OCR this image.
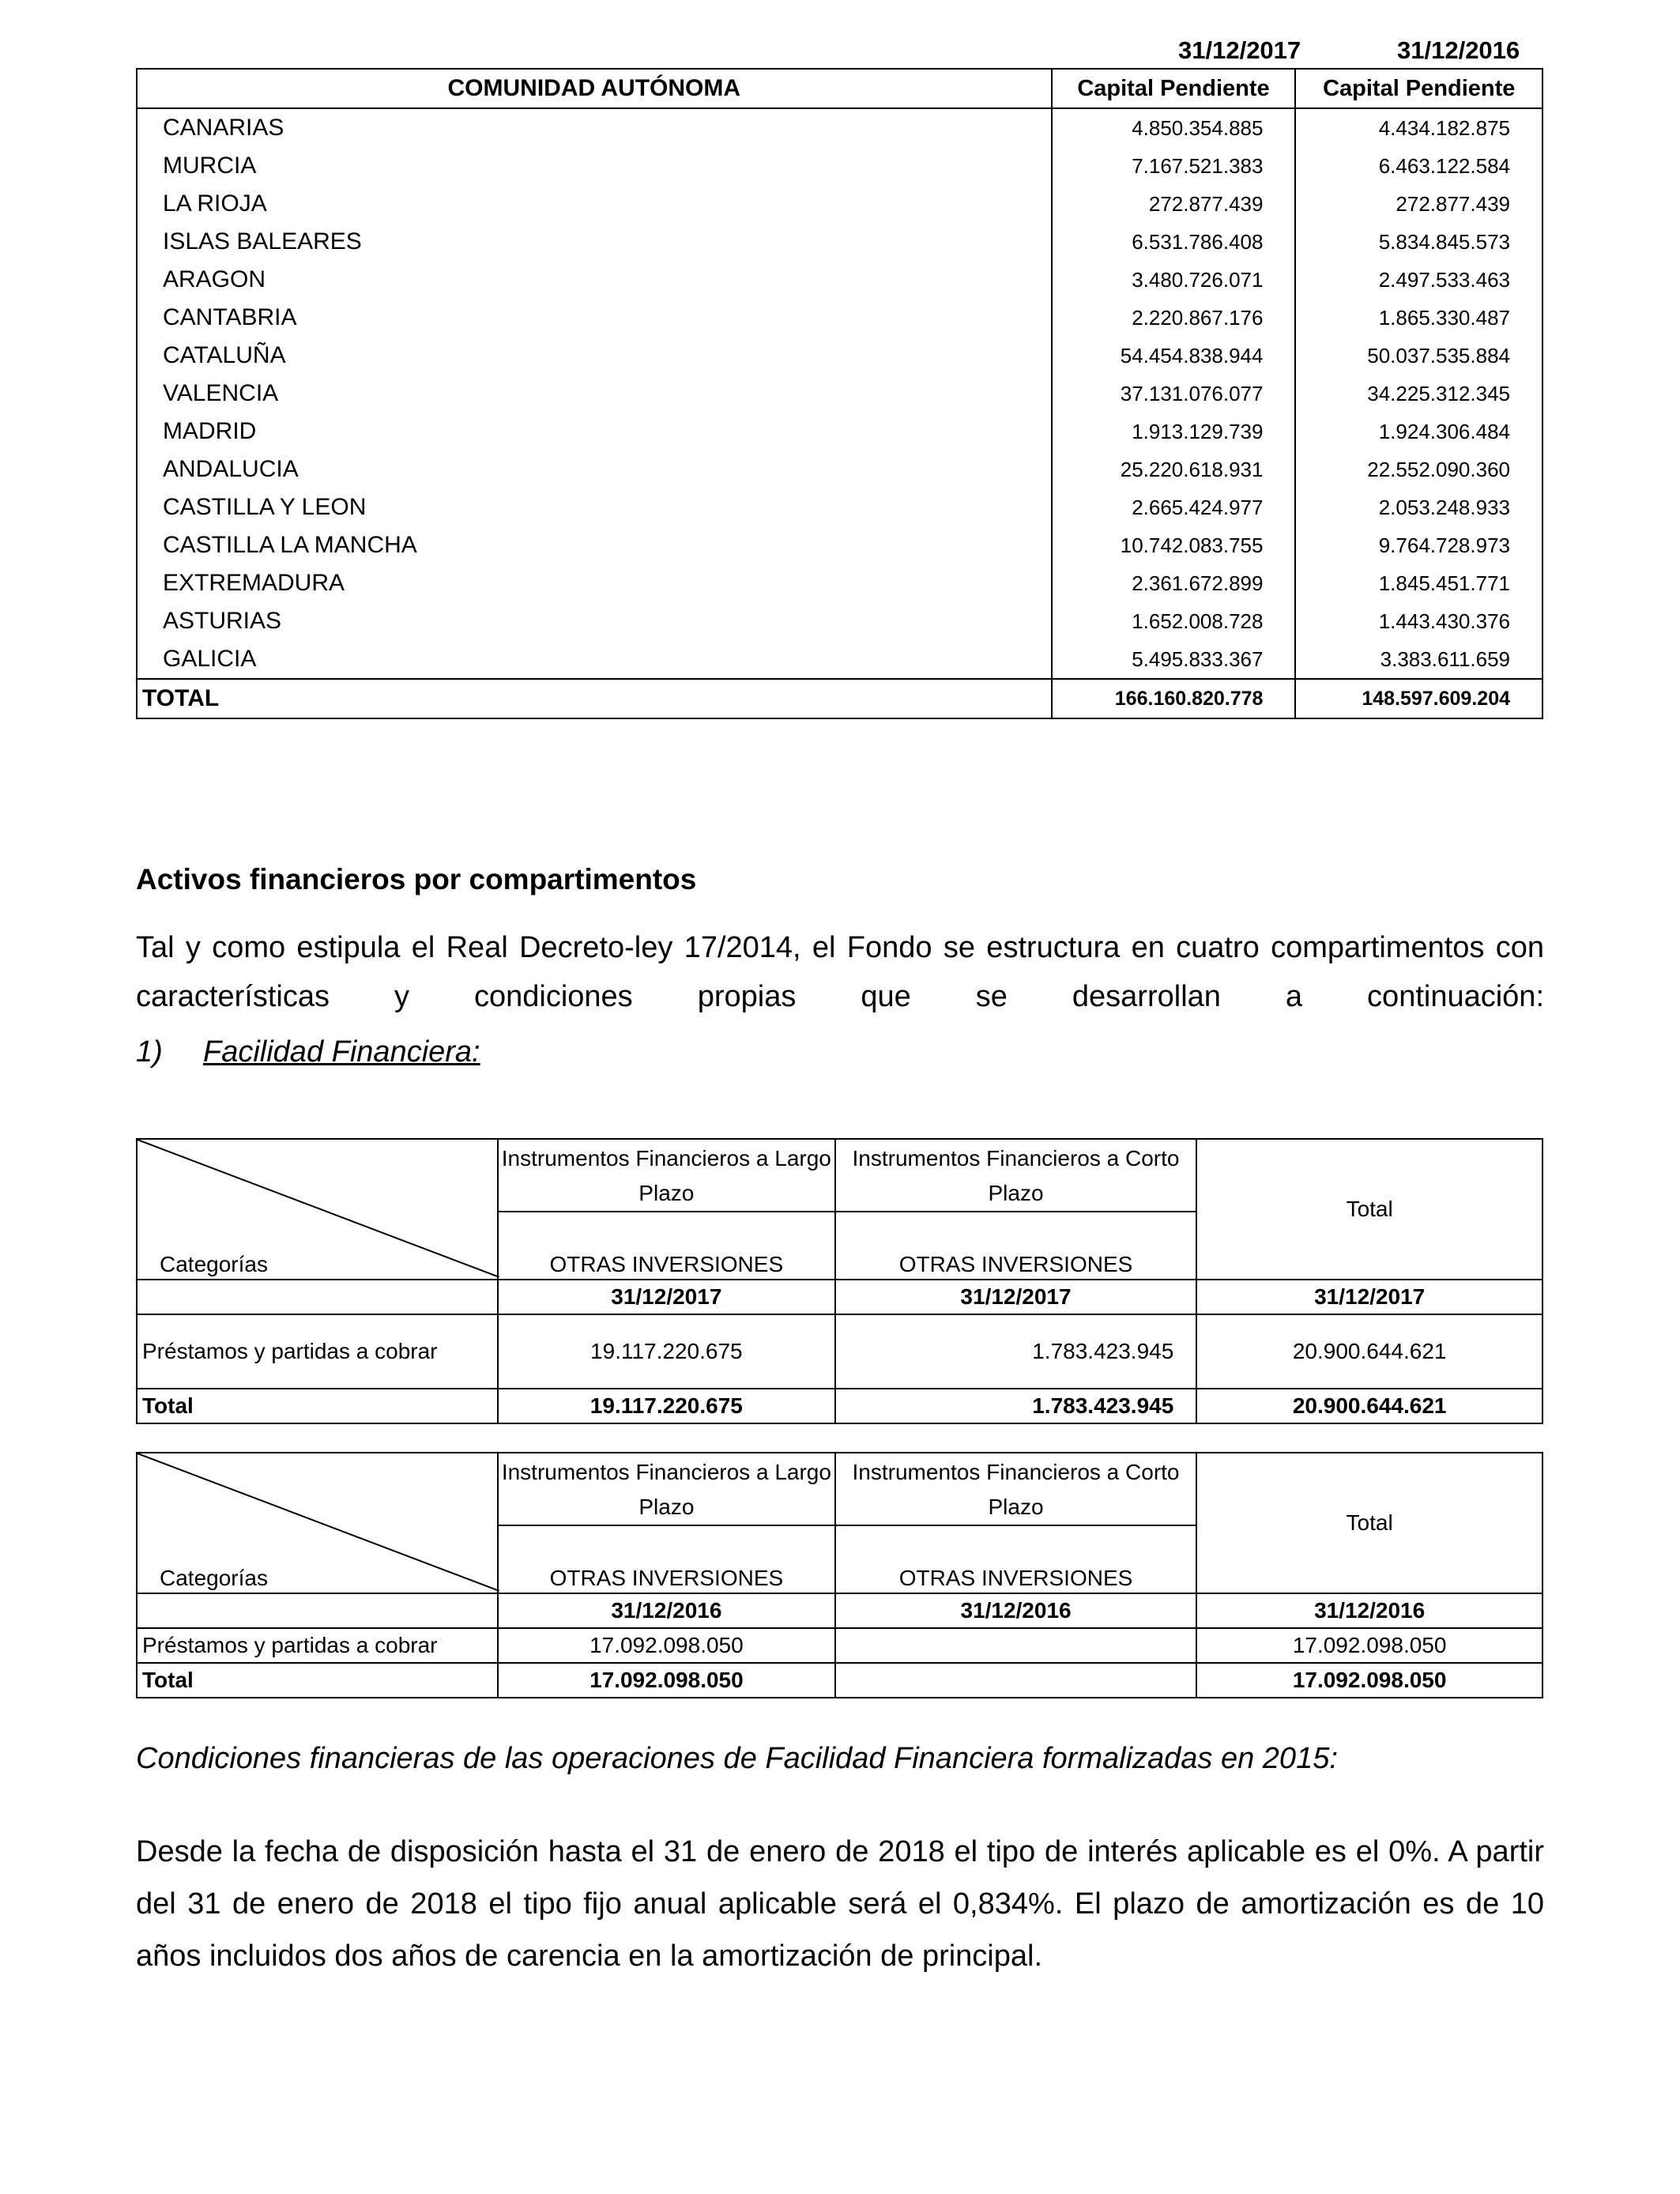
31/12/2017	31/12/2016
COMUNIDAD AUTÓNOMA	Capital Pendiente	Capital Pendiente
CANARIAS	4.850.354.885	4.434.182.875
MURCIA	7.167.521.383	6.463.122.584
LA RIOJA	272.877.439	272.877.439
ISLAS BALEARES	6.531.786.408	5.834.845.573
ARAGON	3.480.726.071	2.497.533.463
CANTABRIA	2.220.867.176	1.865.330.487
CATALUÑA	54.454.838.944	50.037.535.884
VALENCIA	37.131.076.077	34.225.312.345
MADRID	1.913.129.739	1.924.306.484
ANDALUCIA	25.220.618.931	22.552.090.360
CASTILLA Y LEON	2.665.424.977	2.053.248.933
CASTILLA LA MANCHA	10.742.083.755	9.764.728.973
EXTREMADURA	2.361.672.899	1.845.451.771
ASTURIAS	1.652.008.728	1.443.430.376
GALICIA	5.495.833.367	3.383.611.659
TOTAL	166.160.820.778	148.597.609.204
Activos financieros por compartimentos
Tal y como estipula el Real Decreto-ley 17/2014, el Fondo se estructura en cuatro compartimentos con características y condiciones propias que se desarrollan a continuación:
1) Facilidad Financiera:
Categorías	Instrumentos Financieros a Largo Plazo	Instrumentos Financieros a Corto Plazo	Total
	OTRAS INVERSIONES	OTRAS INVERSIONES	
	31/12/2017	31/12/2017	31/12/2017
Préstamos y partidas a cobrar	19.117.220.675	1.783.423.945	20.900.644.621
Total	19.117.220.675	1.783.423.945	20.900.644.621
Categorías	Instrumentos Financieros a Largo Plazo	Instrumentos Financieros a Corto Plazo	Total
	OTRAS INVERSIONES	OTRAS INVERSIONES	
	31/12/2016	31/12/2016	31/12/2016
Préstamos y partidas a cobrar	17.092.098.050		17.092.098.050
Total	17.092.098.050		17.092.098.050
Condiciones financieras de las operaciones de Facilidad Financiera formalizadas en 2015:
Desde la fecha de disposición hasta el 31 de enero de 2018 el tipo de interés aplicable es el 0%. A partir del 31 de enero de 2018 el tipo fijo anual aplicable será el 0,834%. El plazo de amortización es de 10 años incluidos dos años de carencia en la amortización de principal.
